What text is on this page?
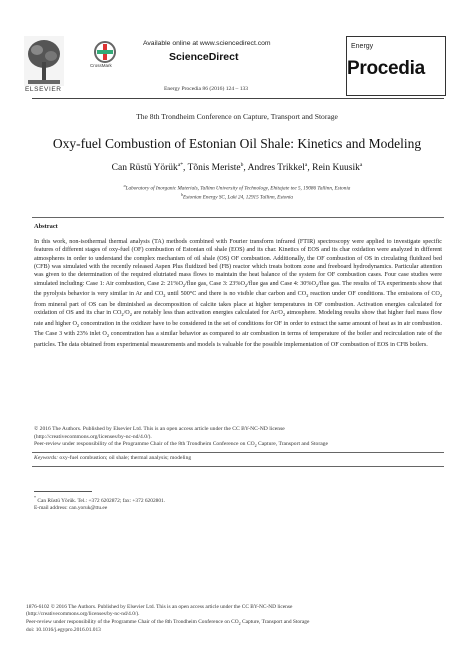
ELSEVIER
CrossMark
Available online at www.sciencedirect.com
ScienceDirect
Energy Procedia 86 (2016) 124 – 133
Energy
Procedia
The 8th Trondheim Conference on Capture, Transport and Storage
Oxy-fuel Combustion of Estonian Oil Shale: Kinetics and Modeling
Can Rüstü Yörük$^{a*}$, Tõnis Meriste$^b$, Andres Trikkel$^a$, Rein Kuusik$^a$
$^a$Laboratory of Inorganic Materials, Tallinn University of Technology, Ehitajate tee 5, 19086 Tallinn, Estonia
$^b$Estonian Energy SC, Laki 24, 12915 Tallinn, Estonia
Abstract
In this work, non-isothermal thermal analysis (TA) methods combined with Fourier transform infrared (FTIR) spectroscopy were applied to investigate specific features of different stages of oxy-fuel (OF) combustion of Estonian oil shale (EOS) and its char. Kinetics of EOS and its char oxidation were analyzed in different atmospheres in order to understand the complex mechanism of oil shale (OS) OF combustion. Additionally, the OF combustion of OS in circulating fluidized bed (CFB) was simulated with the recently released Aspen Plus fluidized bed (FB) reactor which treats bottom zone and freeboard hydrodynamics. Particular attention was given to the determination of the required elutriated mass flows to maintain the heat balance of the system for OF combustion cases. Four case studies were simulated including: Case 1: Air combustion, Case 2: $21\%O_2$/flue gas, Case 3: $23\%O_2$/flue gas and Case 4: $30\%O_2$/flue gas. The results of TA experiments show that the pyrolysis behavior is very similar in Ar and $CO_2$ until 500°C and there is no visible char carbon and $CO_2$ reaction under OF conditions. The emissions of $CO_2$ from mineral part of OS can be diminished as decomposition of calcite takes place at higher temperatures in OF combustion. Activation energies calculated for oxidation of OS and its char in $CO_2/O_2$ are notably less than activation energies calculated for $Ar/O_2$ atmosphere. Modeling results show that higher fuel mass flow rate and higher $O_2$ concentration in the oxidizer have to be considered in the set of conditions for OF in order to extract the same amount of heat as in air combustion. The Case 3 with 23% inlet $O_2$ concentration has a similar behavior as compared to air combustion in terms of temperature of the boiler and recirculation rate of the particles. The data obtained from experimental measurements and models is valuable for the possible implementation of OF combustion of EOS in CFB boilers.
© 2016 The Authors. Published by Elsevier Ltd. This is an open access article under the CC BY-NC-ND license
(http://creativecommons.org/licenses/by-nc-nd/4.0/).
Peer-review under responsibility of the Programme Chair of the 8th Trondheim Conference on $CO_2$ Capture, Transport and Storage
Keywords: oxy-fuel combustion; oil shale; thermal analysis; modeling
* Can Rüstü Yörük. Tel.: +372 6202872; fax: +372 6202801.
E-mail address: can.yoruk@ttu.ee
1876-6102 © 2016 The Authors. Published by Elsevier Ltd. This is an open access article under the CC BY-NC-ND license
(http://creativecommons.org/licenses/by-nc-nd/4.0/).
Peer-review under responsibility of the Programme Chair of the 8th Trondheim Conference on $CO_2$ Capture, Transport and Storage
doi: 10.1016/j.egypro.2016.01.013
